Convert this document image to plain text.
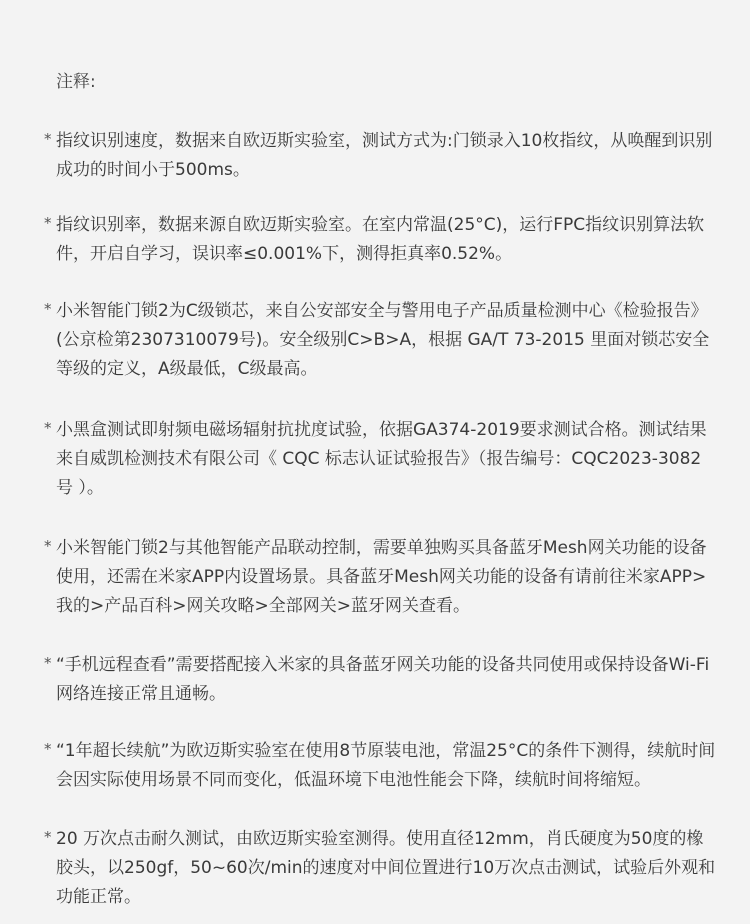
注释:
* 指纹识别速度，数据来自欧迈斯实验室，测试方式为:门锁录入10枚指纹，从唤醒到识别成功的时间小于500ms。
* 指纹识别率，数据来源自欧迈斯实验室。在室内常温(25°C)，运行FPC指纹识别算法软件，开启自学习，误识率≤0.001%下，测得拒真率0.52%。
* 小米智能门锁2为C级锁芯，来自公安部安全与警用电子产品质量检测中心《检验报告》(公京检第2307310079号)。安全级别C>B>A，根据 GA/T 73-2015 里面对锁芯安全等级的定义，A级最低，C级最高。
* 小黑盒测试即射频电磁场辐射抗扰度试验，依据GA374-2019要求测试合格。测试结果来自威凯检测技术有限公司《 CQC 标志认证试验报告》（报告编号：CQC2023-3082 号 ）。
* 小米智能门锁2与其他智能产品联动控制，需要单独购买具备蓝牙Mesh网关功能的设备使用，还需在米家APP内设置场景。具备蓝牙Mesh网关功能的设备有请前往米家APP>我的>产品百科>网关攻略>全部网关>蓝牙网关查看。
* “手机远程查看”需要搭配接入米家的具备蓝牙网关功能的设备共同使用或保持设备Wi-Fi网络连接正常且通畅。
* “1年超长续航”为欧迈斯实验室在使用8节原装电池，常温25°C的条件下测得，续航时间会因实际使用场景不同而变化，低温环境下电池性能会下降，续航时间将缩短。
* 20 万次点击耐久测试，由欧迈斯实验室测得。使用直径12mm，肖氏硬度为50度的橡胶头，以250gf，50~60次/min的速度对中间位置进行10万次点击测试，试验后外观和功能正常。
